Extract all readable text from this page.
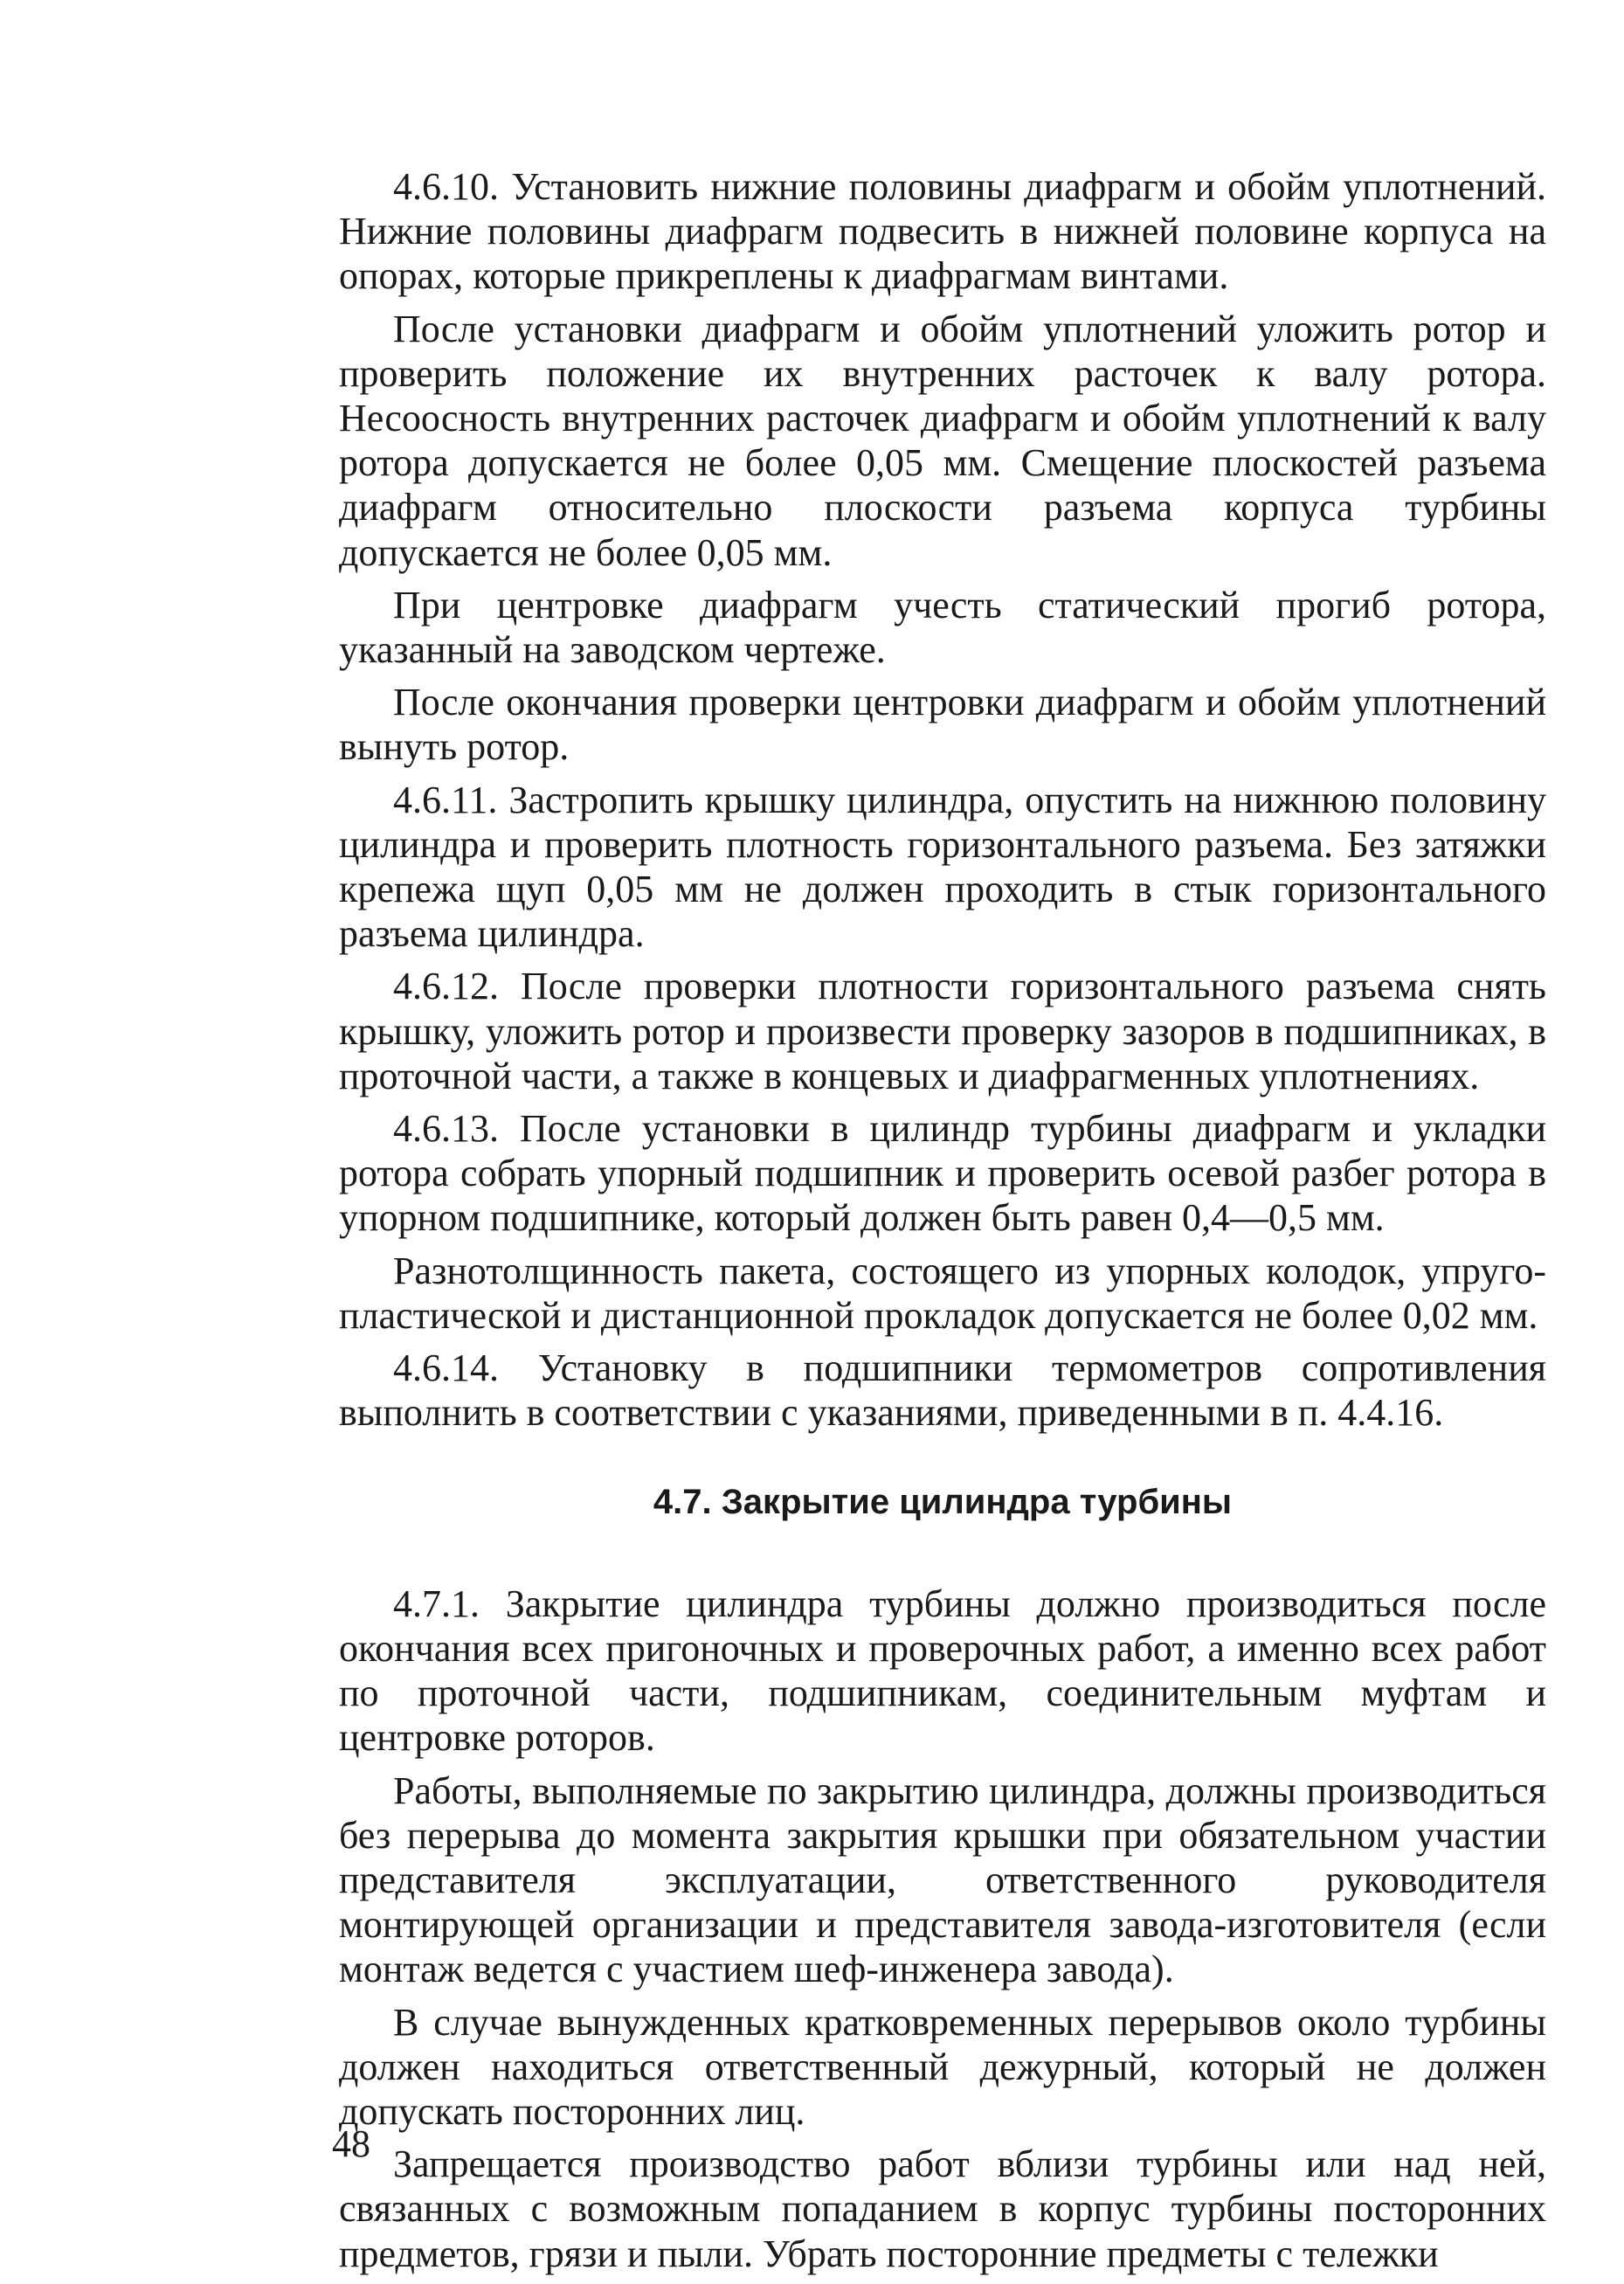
4.6.10. Установить нижние половины диафрагм и обойм уплотнений. Нижние половины диафрагм подвесить в нижней половине корпуса на опорах, которые прикреплены к диафрагмам винтами.

После установки диафрагм и обойм уплотнений уложить ротор и проверить положение их внутренних расточек к валу ротора. Несоосность внутренних расточек диафрагм и обойм уплотнений к валу ротора допускается не более 0,05 мм. Смещение плоскостей разъема диафрагм относительно плоскости разъема корпуса турбины допускается не более 0,05 мм.

При центровке диафрагм учесть статический прогиб ротора, указанный на заводском чертеже.

После окончания проверки центровки диафрагм и обойм уплотнений вынуть ротор.

4.6.11. Застропить крышку цилиндра, опустить на нижнюю половину цилиндра и проверить плотность горизонтального разъема. Без затяжки крепежа щуп 0,05 мм не должен проходить в стык горизонтального разъема цилиндра.

4.6.12. После проверки плотности горизонтального разъема снять крышку, уложить ротор и произвести проверку зазоров в подшипниках, в проточной части, а также в концевых и диафрагменных уплотнениях.

4.6.13. После установки в цилиндр турбины диафрагм и укладки ротора собрать упорный подшипник и проверить осевой разбег ротора в упорном подшипнике, который должен быть равен 0,4—0,5 мм.

Разнотолщинность пакета, состоящего из упорных колодок, упруго-пластической и дистанционной прокладок допускается не более 0,02 мм.

4.6.14. Установку в подшипники термометров сопротивления выполнить в соответствии с указаниями, приведенными в п. 4.4.16.

4.7. Закрытие цилиндра турбины

4.7.1. Закрытие цилиндра турбины должно производиться после окончания всех пригоночных и проверочных работ, а именно всех работ по проточной части, подшипникам, соединительным муфтам и центровке роторов.

Работы, выполняемые по закрытию цилиндра, должны производиться без перерыва до момента закрытия крышки при обязательном участии представителя эксплуатации, ответственного руководителя монтирующей организации и представителя завода-изготовителя (если монтаж ведется с участием шеф-инженера завода).

В случае вынужденных кратковременных перерывов около турбины должен находиться ответственный дежурный, который не должен допускать посторонних лиц.

Запрещается производство работ вблизи турбины или над ней, связанных с возможным попаданием в корпус турбины посторонних предметов, грязи и пыли. Убрать посторонние предметы с тележки

48
